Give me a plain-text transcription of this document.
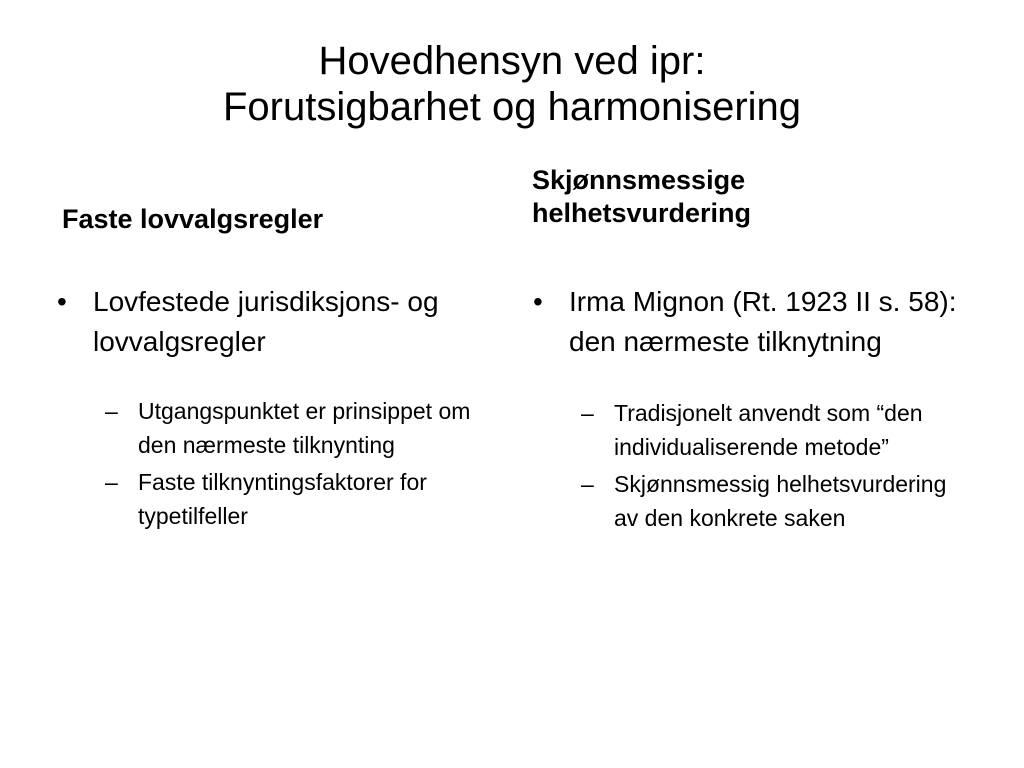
Hovedhensyn ved ipr:
Forutsigbarhet og harmonisering
Faste lovvalgsregler
Skjønnsmessige
helhetsvurdering
• Lovfestede jurisdiksjons- og lovvalgsregler
– Utgangspunktet er prinsippet om den nærmeste tilknynting
– Faste tilknyntingsfaktorer for typetilfeller
• Irma Mignon (Rt. 1923 II s. 58): den nærmeste tilknytning
– Tradisjonelt anvendt som “den individualiserende metode”
– Skjønnsmessig helhetsvurdering av den konkrete saken
